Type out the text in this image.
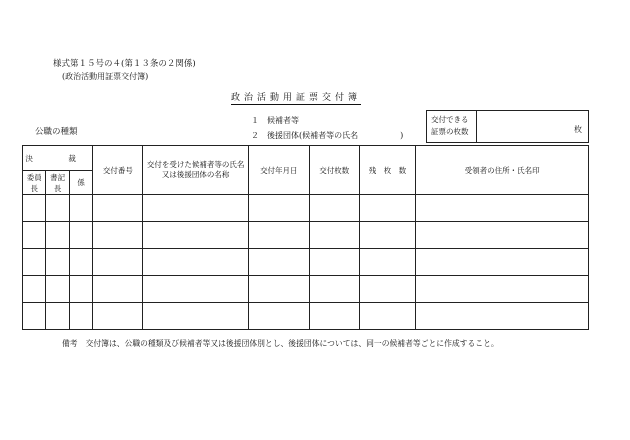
様式第１５号の４(第１３条の２関係)
(政治活動用証票交付簿)
政治活動用証票交付簿
公職の種類
１　候補者等
２　後援団体(候補者等の氏名	)
交付できる証票の枚数	枚
決　裁			交付番号	交付を受けた候補者等の氏名又は後援団体の名称	交付年月日	交付枚数	残　枚　数	受領者の住所・氏名印
委員長	書記長	係						

備考 交付簿は、公職の種類及び候補者等又は後援団体別とし、後援団体については、同一の候補者等ごとに作成すること。
